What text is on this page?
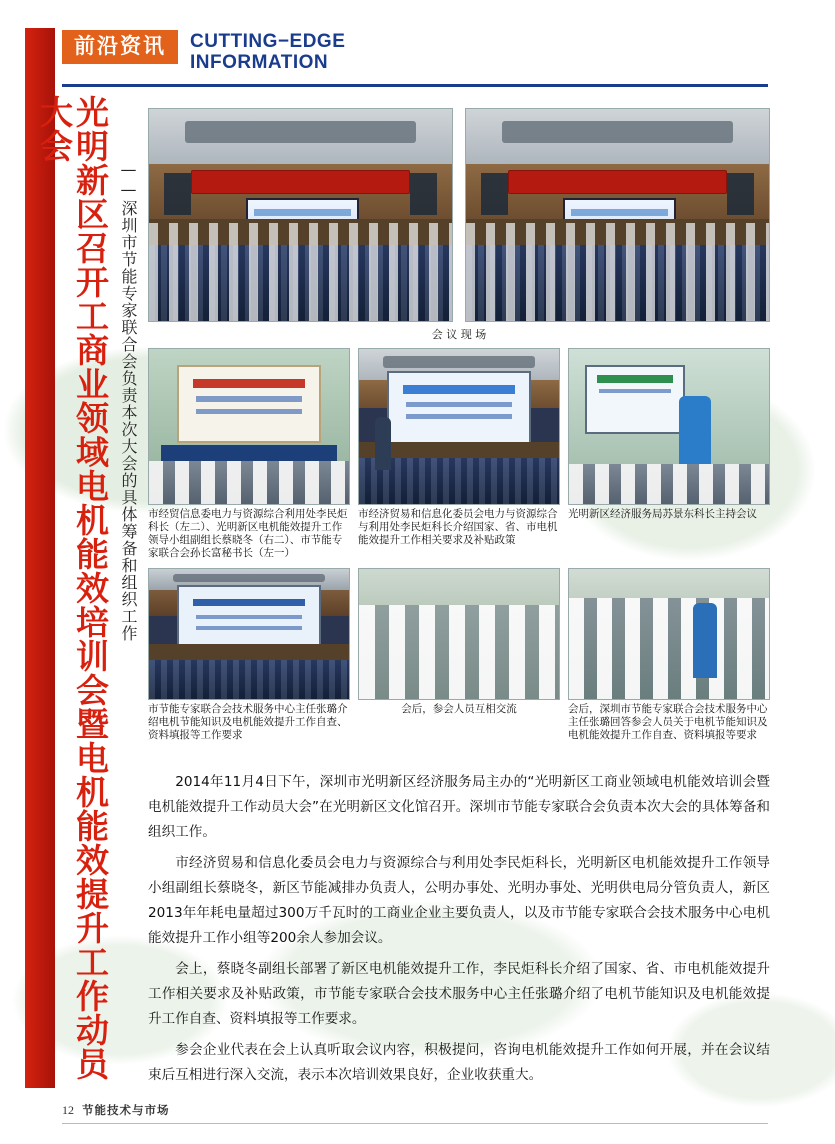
前沿资讯	CUTTING−EDGE
INFORMATION
光明新区召开工商业领域电机能效培训会暨电机能效提升工作动员大会
——深圳市节能专家联合会负责本次大会的具体筹备和组织工作	会 议 现 场
市经贸信息委电力与资源综合利用处李民炬科长（左二）、光明新区电机能效提升工作领导小组副组长蔡晓冬（右二）、市节能专家联合会孙长富秘书长（左一）
市经济贸易和信息化委员会电力与资源综合与利用处李民炬科长介绍国家、省、市电机能效提升工作相关要求及补贴政策
光明新区经济服务局苏景东科长主持会议
市节能专家联合会技术服务中心主任张璐介绍电机节能知识及电机能效提升工作自查、资料填报等工作要求
会后，参会人员互相交流	会后，深圳市节能专家联合会技术服务中心主任张璐回答参会人员关于电机节能知识及电机能效提升工作自查、资料填报等要求

2014年11月4日下午，深圳市光明新区经济服务局主办的“光明新区工商业领域电机能效培训会暨电机能效提升工作动员大会”在光明新区文化馆召开。深圳市节能专家联合会负责本次大会的具体筹备和组织工作。

市经济贸易和信息化委员会电力与资源综合与利用处李民炬科长，光明新区电机能效提升工作领导小组副组长蔡晓冬，新区节能减排办负责人，公明办事处、光明办事处、光明供电局分管负责人，新区2013年年耗电量超过300万千瓦时的工商业企业主要负责人，以及市节能专家联合会技术服务中心电机能效提升工作小组等200余人参加会议。

会上，蔡晓冬副组长部署了新区电机能效提升工作，李民炬科长介绍了国家、省、市电机能效提升工作相关要求及补贴政策，市节能专家联合会技术服务中心主任张璐介绍了电机节能知识及电机能效提升工作自查、资料填报等工作要求。

参会企业代表在会上认真听取会议内容，积极提问，咨询电机能效提升工作如何开展，并在会议结束后互相进行深入交流，表示本次培训效果良好，企业收获重大。

12 节能技术与市场
